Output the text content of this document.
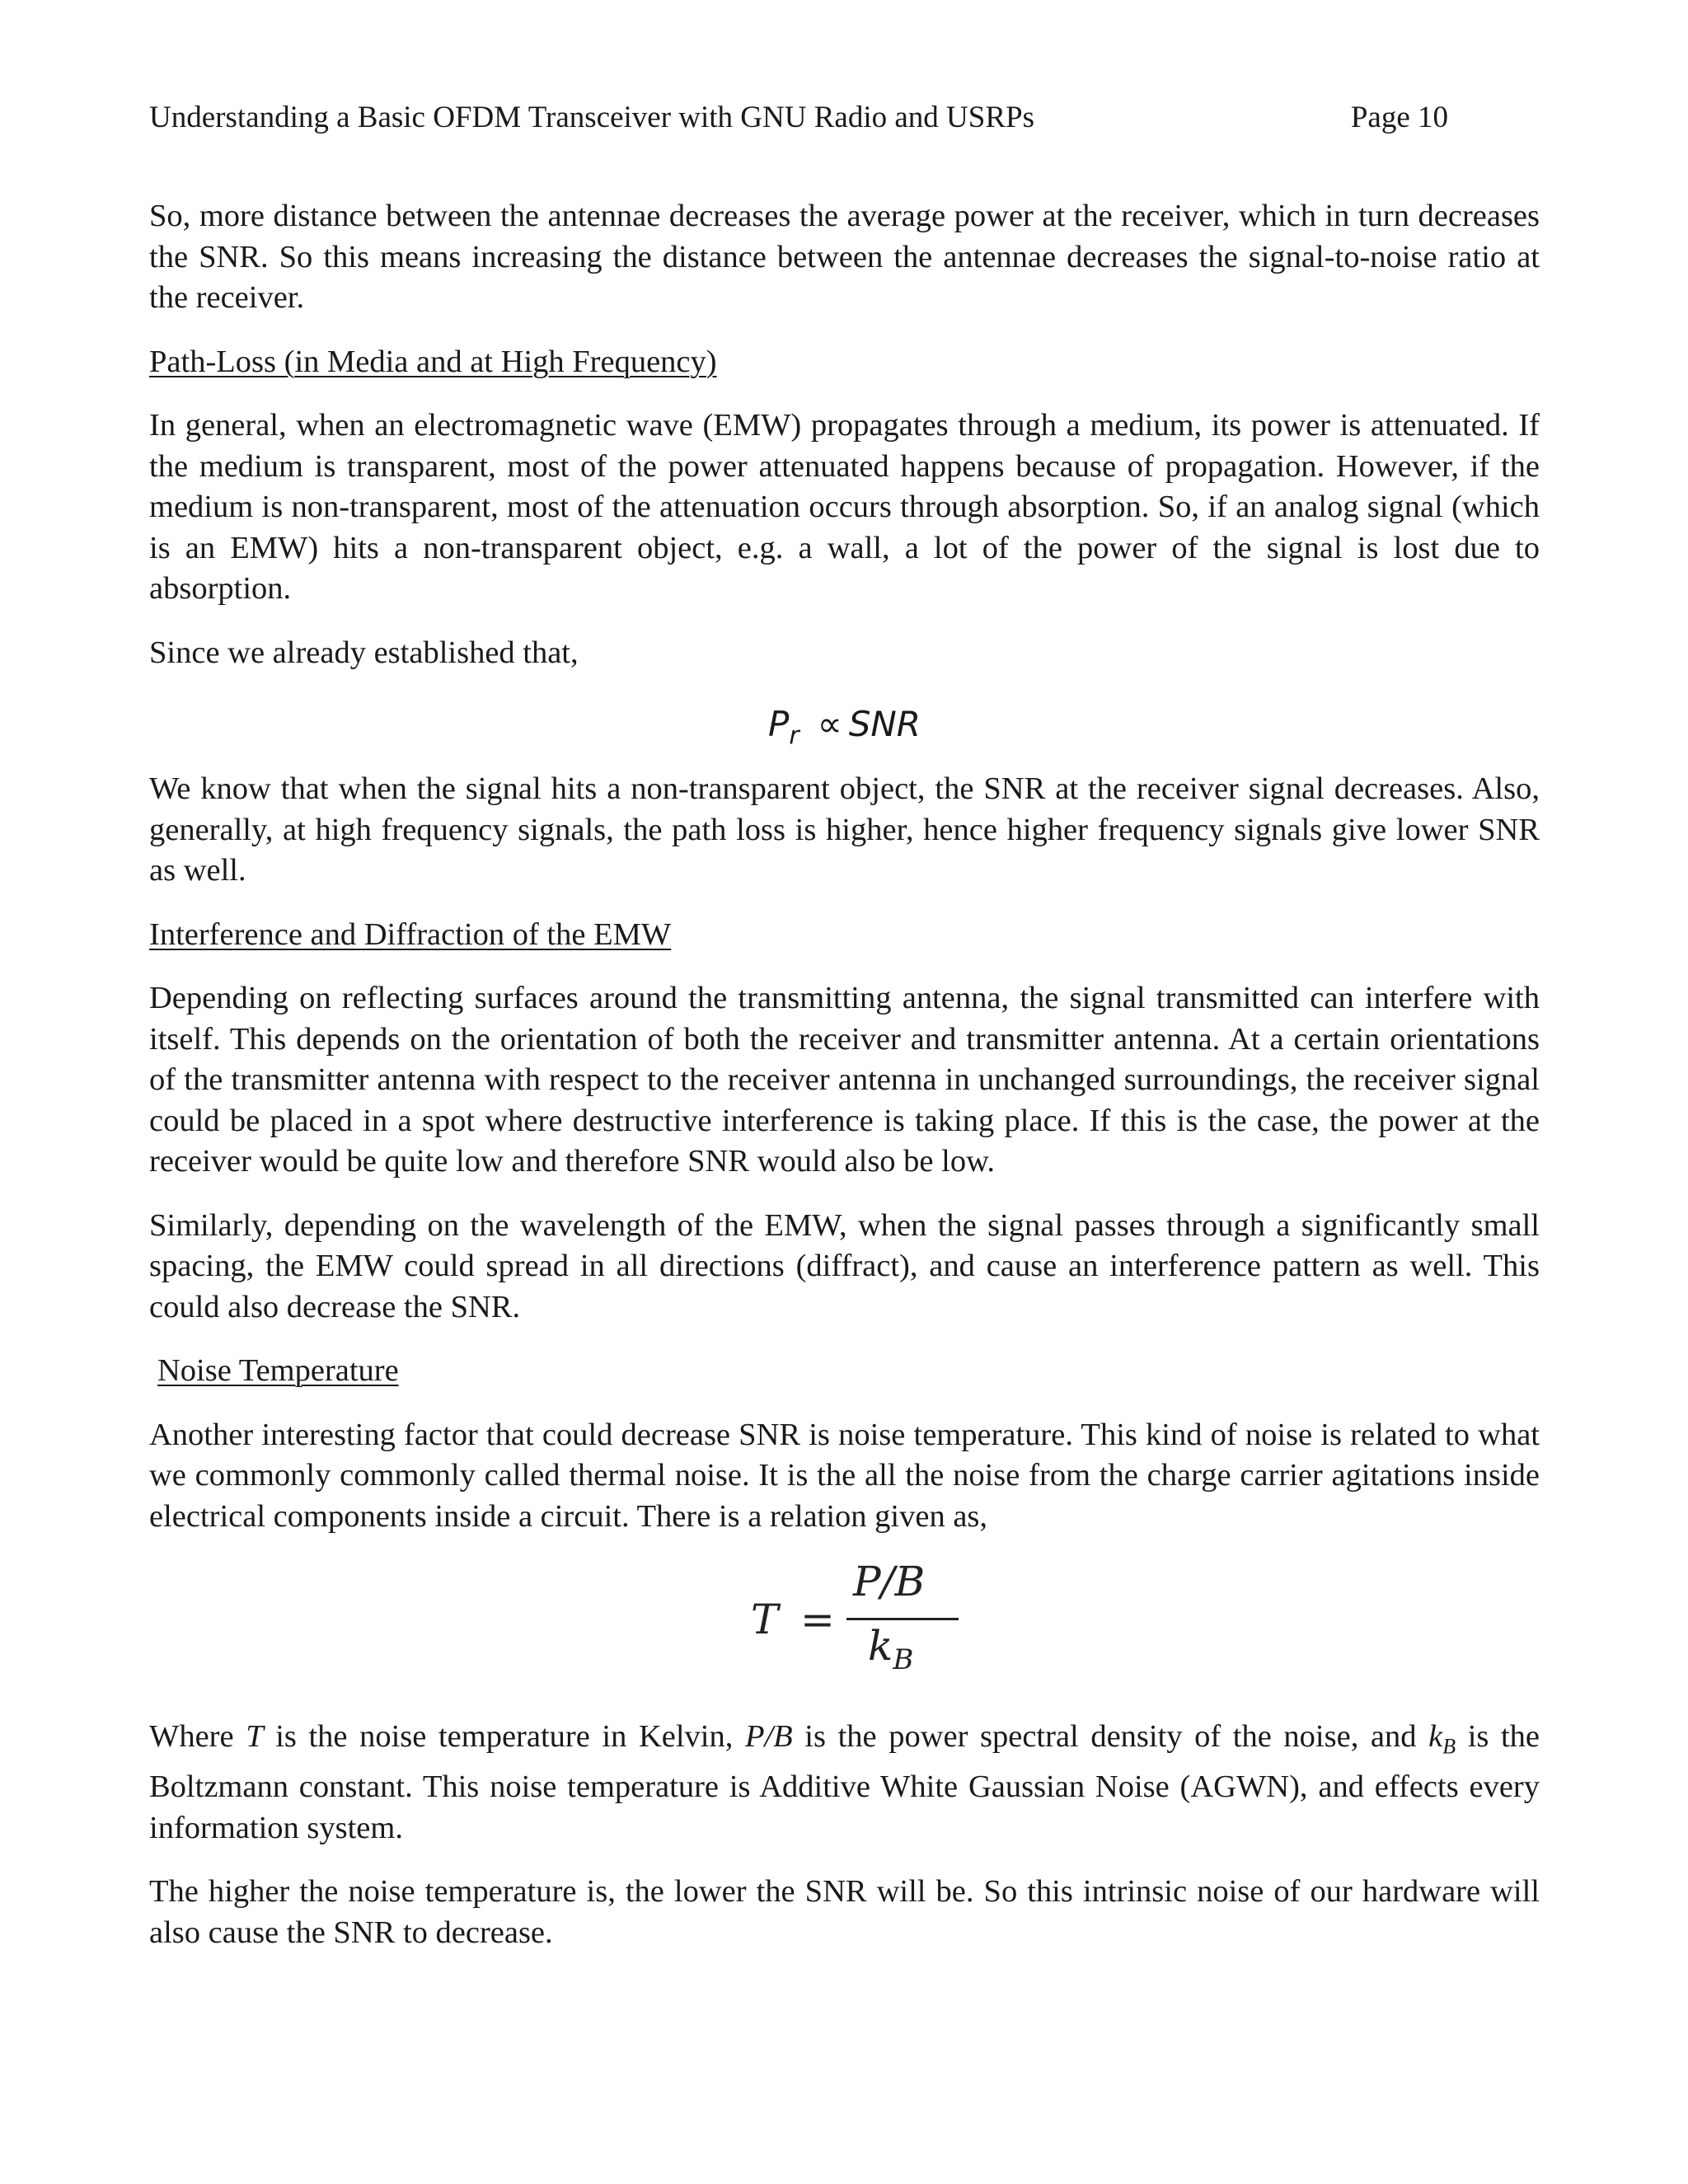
Understanding a Basic OFDM Transceiver with GNU Radio and USRPs	Page 10

So, more distance between the antennae decreases the average power at the receiver, which in turn decreases the SNR. So this means increasing the distance between the antennae decreases the signal-to-noise ratio at the receiver.

Path-Loss (in Media and at High Frequency)

In general, when an electromagnetic wave (EMW) propagates through a medium, its power is attenuated. If the medium is transparent, most of the power attenuated happens because of propagation. However, if the medium is non-transparent, most of the attenuation occurs through absorption. So, if an analog signal (which is an EMW) hits a non-transparent object, e.g. a wall, a lot of the power of the signal is lost due to absorption.

Since we already established that,

$P_r$ ∝ SNR

We know that when the signal hits a non-transparent object, the SNR at the receiver signal decreases. Also, generally, at high frequency signals, the path loss is higher, hence higher frequency signals give lower SNR as well.

Interference and Diffraction of the EMW

Depending on reflecting surfaces around the transmitting antenna, the signal transmitted can interfere with itself. This depends on the orientation of both the receiver and transmitter antenna. At a certain orientations of the transmitter antenna with respect to the receiver antenna in unchanged surroundings, the receiver signal could be placed in a spot where destructive interference is taking place. If this is the case, the power at the receiver would be quite low and therefore SNR would also be low.

Similarly, depending on the wavelength of the EMW, when the signal passes through a significantly small spacing, the EMW could spread in all directions (diffract), and cause an interference pattern as well. This could also decrease the SNR.

Noise Temperature

Another interesting factor that could decrease SNR is noise temperature. This kind of noise is related to what we commonly commonly called thermal noise. It is the all the noise from the charge carrier agitations inside electrical components inside a circuit. There is a relation given as,

T =
P/B
$k_B$

Where T is the noise temperature in Kelvin, P/B is the power spectral density of the noise, and $k_B$ is the Boltzmann constant. This noise temperature is Additive White Gaussian Noise (AGWN), and effects every information system.

The higher the noise temperature is, the lower the SNR will be. So this intrinsic noise of our hardware will also cause the SNR to decrease.
